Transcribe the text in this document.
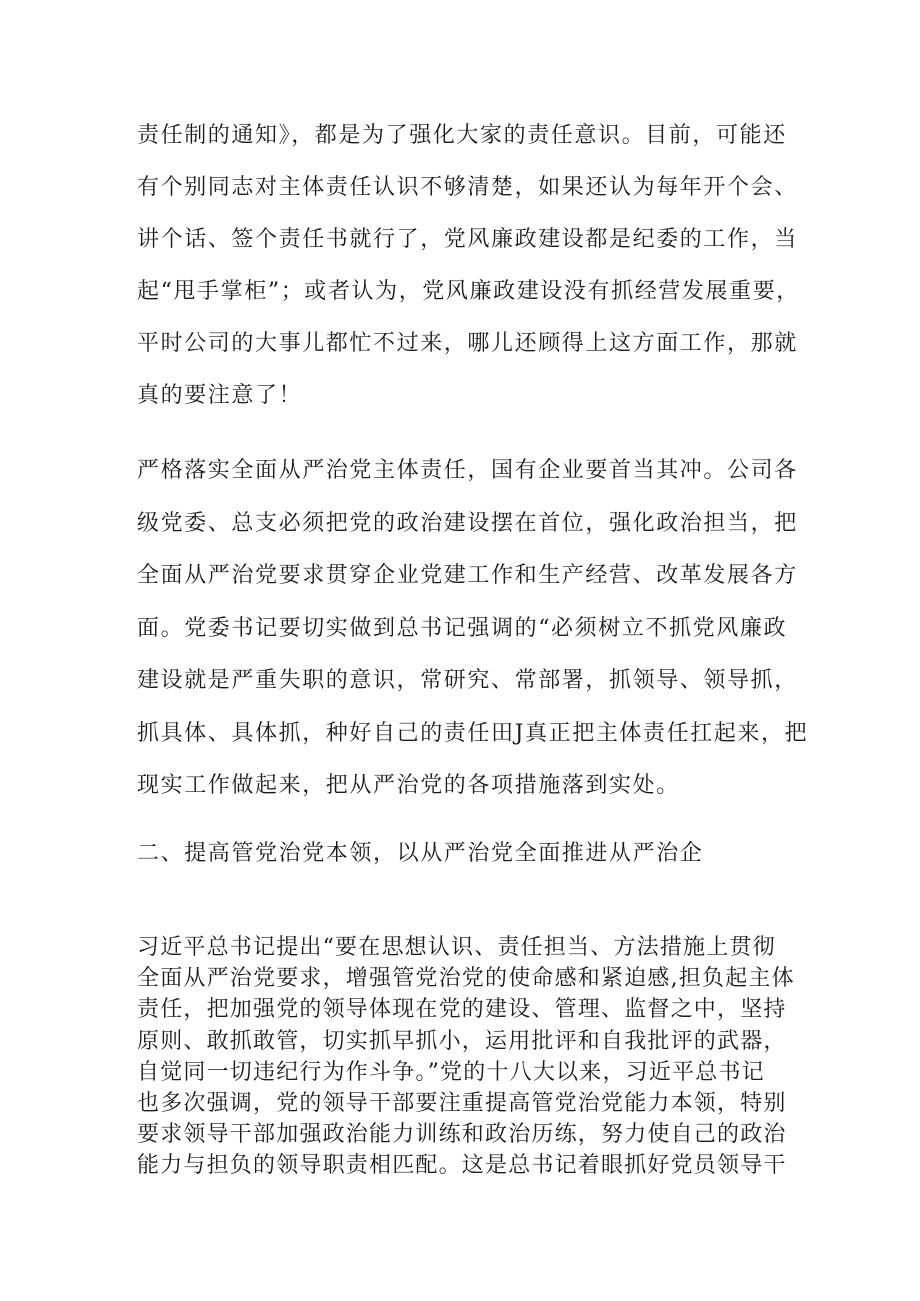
责任制的通知》，都是为了强化大家的责任意识。目前，可能还
有个别同志对主体责任认识不够清楚，如果还认为每年开个会、
讲个话、签个责任书就行了，党风廉政建设都是纪委的工作，当
起“甩手掌柜”；或者认为，党风廉政建设没有抓经营发展重要，
平时公司的大事儿都忙不过来，哪儿还顾得上这方面工作，那就
真的要注意了！

严格落实全面从严治党主体责任，国有企业要首当其冲。公司各
级党委、总支必须把党的政治建设摆在首位，强化政治担当，把
全面从严治党要求贯穿企业党建工作和生产经营、改革发展各方
面。党委书记要切实做到总书记强调的“必须树立不抓党风廉政
建设就是严重失职的意识，常研究、常部署，抓领导、领导抓，
抓具体、具体抓，种好自己的责任田J真正把主体责任扛起来，把
现实工作做起来，把从严治党的各项措施落到实处。

二、提高管党治党本领，以从严治党全面推进从严治企

习近平总书记提出“要在思想认识、责任担当、方法措施上贯彻
全面从严治党要求，增强管党治党的使命感和紧迫感,担负起主体
责任，把加强党的领导体现在党的建设、管理、监督之中，坚持
原则、敢抓敢管，切实抓早抓小，运用批评和自我批评的武器，
自觉同一切违纪行为作斗争。”党的十八大以来，习近平总书记
也多次强调，党的领导干部要注重提高管党治党能力本领，特别
要求领导干部加强政治能力训练和政治历练，努力使自己的政治
能力与担负的领导职责相匹配。这是总书记着眼抓好党员领导干
